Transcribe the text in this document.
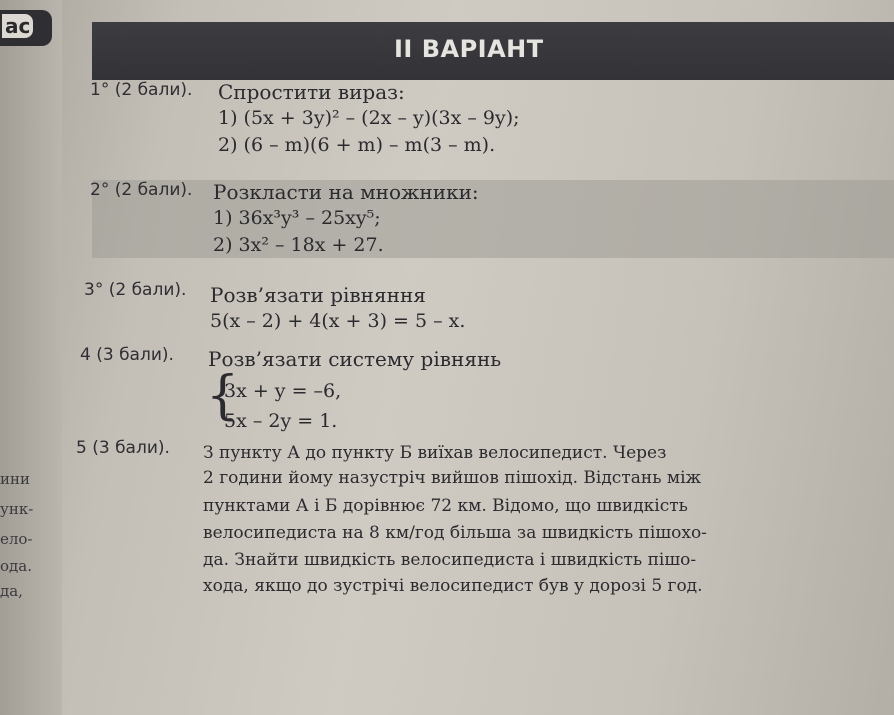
ас
ини
унк-
ело-
ода.
да,
ІІ ВАРІАНТ
1° (2 бали). Спростити вираз:
1) (5x + 3y)² – (2x – y)(3x – 9y);
2) (6 – m)(6 + m) – m(3 – m).
2° (2 бали). Розкласти на множники:
1) 36x³y³ – 25xy⁵;
2) 3x² – 18x + 27.
3° (2 бали). Розв’язати рівняння
5(x – 2) + 4(x + 3) = 5 – x.
4 (3 бали). Розв’язати систему рівнянь
{
3x + y = –6,
5x – 2y = 1.
5 (3 бали). З пункту А до пункту Б виїхав велосипедист. Через
2 години йому назустріч вийшов пішохід. Відстань між
пунктами А і Б дорівнює 72 км. Відомо, що швидкість
велосипедиста на 8 км/год більша за швидкість пішохо-
да. Знайти швидкість велосипедиста і швидкість пішо-
хода, якщо до зустрічі велосипедист був у дорозі 5 год.
